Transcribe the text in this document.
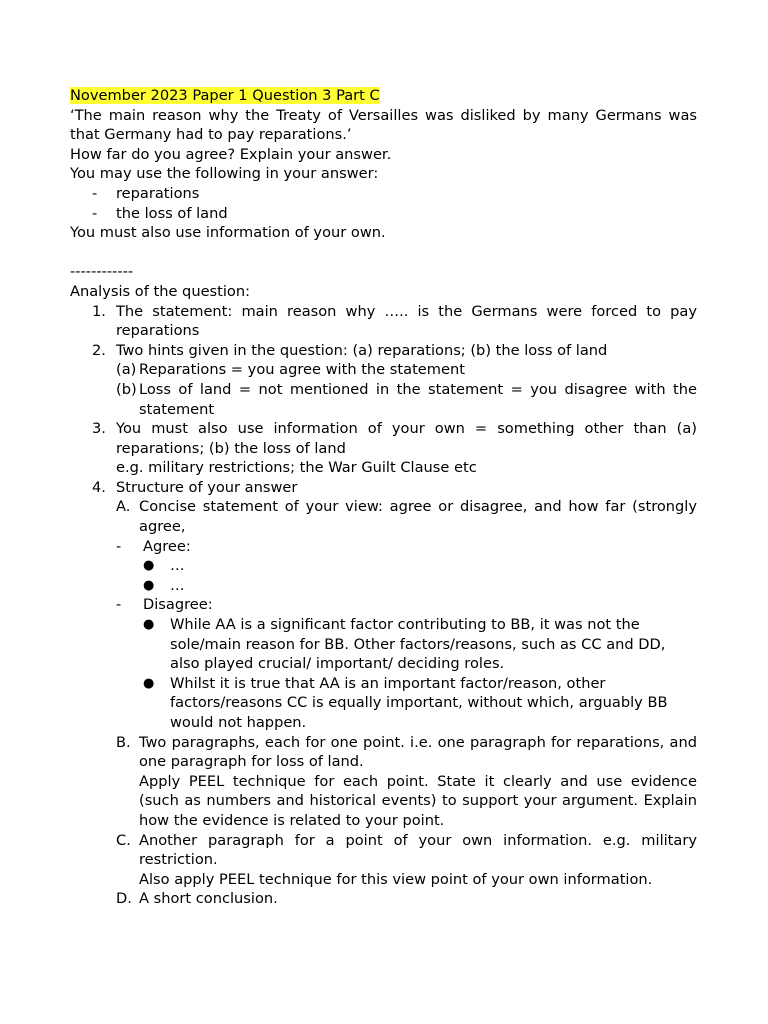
November 2023 Paper 1 Question 3 Part C
‘The main reason why the Treaty of Versailles was disliked by many Germans was that Germany had to pay reparations.’
How far do you agree? Explain your answer.
You may use the following in your answer:
-	reparations
-	the loss of land
You must also use information of your own.
------------
Analysis of the question:
1. The statement: main reason why ….. is the Germans were forced to pay reparations
2. Two hints given in the question: (a) reparations; (b) the loss of land
(a) Reparations = you agree with the statement
(b) Loss of land = not mentioned in the statement = you disagree with the statement
3. You must also use information of your own = something other than (a) reparations; (b) the loss of land
e.g. military restrictions; the War Guilt Clause etc
4. Structure of your answer
A. Concise statement of your view: agree or disagree, and how far (strongly agree,
-	Agree:
●	…
●	…
-	Disagree:
●	While AA is a significant factor contributing to BB, it was not the sole/main reason for BB. Other factors/reasons, such as CC and DD, also played crucial/ important/ deciding roles.
●	Whilst it is true that AA is an important factor/reason, other factors/reasons CC is equally important, without which, arguably BB would not happen.
B. Two paragraphs, each for one point. i.e. one paragraph for reparations, and one paragraph for loss of land.
Apply PEEL technique for each point. State it clearly and use evidence (such as numbers and historical events) to support your argument. Explain how the evidence is related to your point.
C. Another paragraph for a point of your own information. e.g. military restriction.
Also apply PEEL technique for this view point of your own information.
D. A short conclusion.
